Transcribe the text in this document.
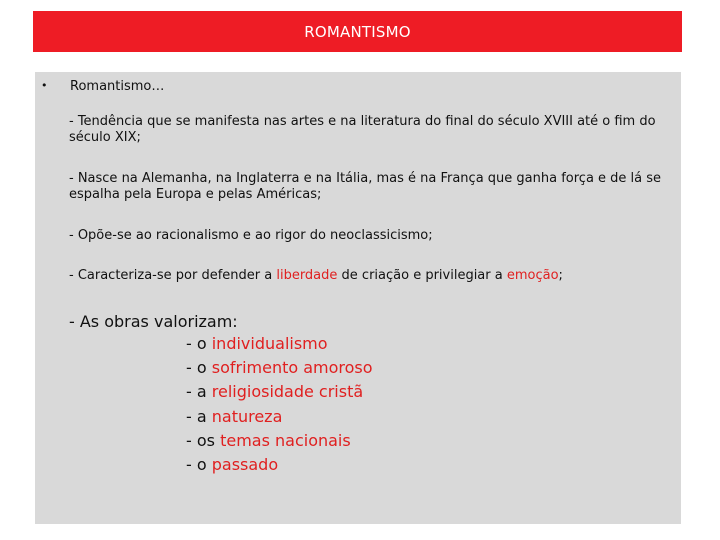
ROMANTISMO
• Romantismo…
- Tendência que se manifesta nas artes e na literatura do final do século XVIII até o fim do século XIX;
- Nasce na Alemanha, na Inglaterra e na Itália, mas é na França que ganha força e de lá se espalha pela Europa e pelas Américas;
- Opõe-se ao racionalismo e ao rigor do neoclassicismo;
- Caracteriza-se por defender a liberdade de criação e privilegiar a emoção;
- As obras valorizam:
- o individualismo
- o sofrimento amoroso
- a religiosidade cristã
- a natureza
- os temas nacionais
- o passado
